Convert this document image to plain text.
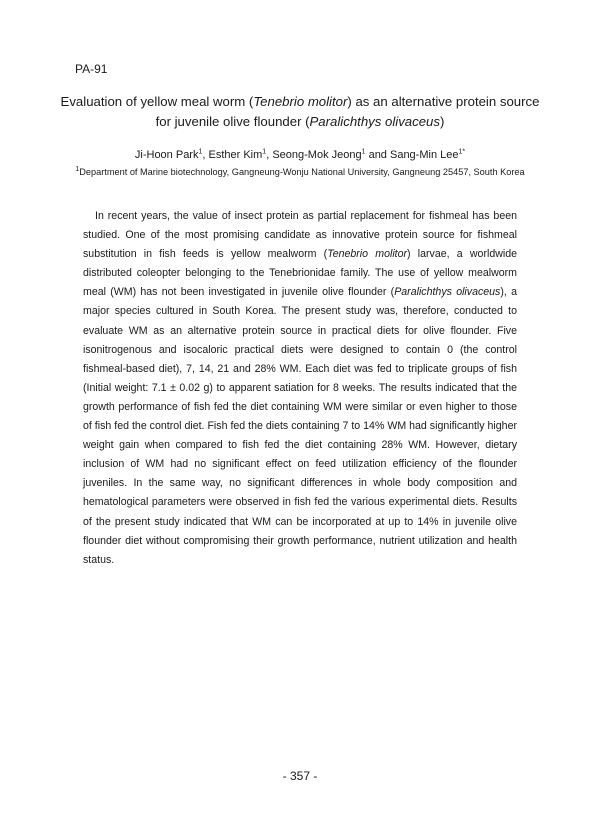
PA-91
Evaluation of yellow meal worm (Tenebrio molitor) as an alternative protein source for juvenile olive flounder (Paralichthys olivaceus)
Ji-Hoon Park$^1$, Esther Kim$^1$, Seong-Mok Jeong$^1$ and Sang-Min Lee$^{1*}$
$^1$Department of Marine biotechnology, Gangneung-Wonju National University, Gangneung 25457, South Korea

In recent years, the value of insect protein as partial replacement for fishmeal has been studied. One of the most promising candidate as innovative protein source for fishmeal substitution in fish feeds is yellow mealworm (Tenebrio molitor) larvae, a worldwide distributed coleopter belonging to the Tenebrionidae family. The use of yellow mealworm meal (WM) has not been investigated in juvenile olive flounder (Paralichthys olivaceus), a major species cultured in South Korea. The present study was, therefore, conducted to evaluate WM as an alternative protein source in practical diets for olive flounder. Five isonitrogenous and isocaloric practical diets were designed to contain 0 (the control fishmeal-based diet), 7, 14, 21 and 28% WM. Each diet was fed to triplicate groups of fish (Initial weight: 7.1 ± 0.02 g) to apparent satiation for 8 weeks. The results indicated that the growth performance of fish fed the diet containing WM were similar or even higher to those of fish fed the control diet. Fish fed the diets containing 7 to 14% WM had significantly higher weight gain when compared to fish fed the diet containing 28% WM. However, dietary inclusion of WM had no significant effect on feed utilization efficiency of the flounder juveniles. In the same way, no significant differences in whole body composition and hematological parameters were observed in fish fed the various experimental diets. Results of the present study indicated that WM can be incorporated at up to 14% in juvenile olive flounder diet without compromising their growth performance, nutrient utilization and health status.

- 357 -
